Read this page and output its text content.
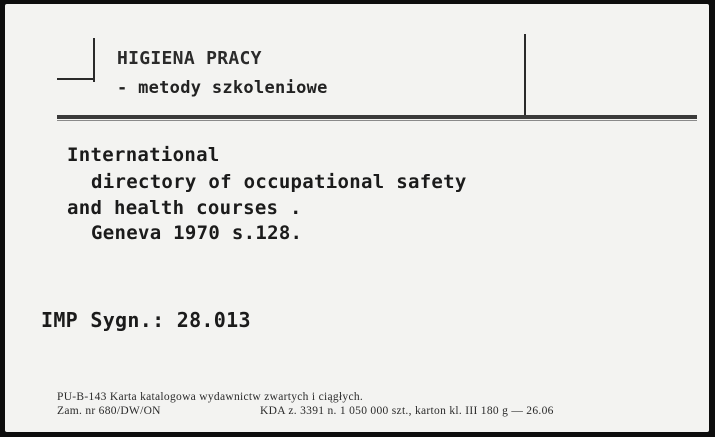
HIGIENA PRACY
- metody szkoleniowe
International
directory of occupational safety
and health courses .
Geneva 1970 s.128.
IMP Sygn.: 28.013
PU-B-143 Karta katalogowa wydawnictw zwartych i ciągłych.
Zam. nr 680/DW/ON	KDA z. 3391 n. 1 050 000 szt., karton kl. III 180 g — 26.06
